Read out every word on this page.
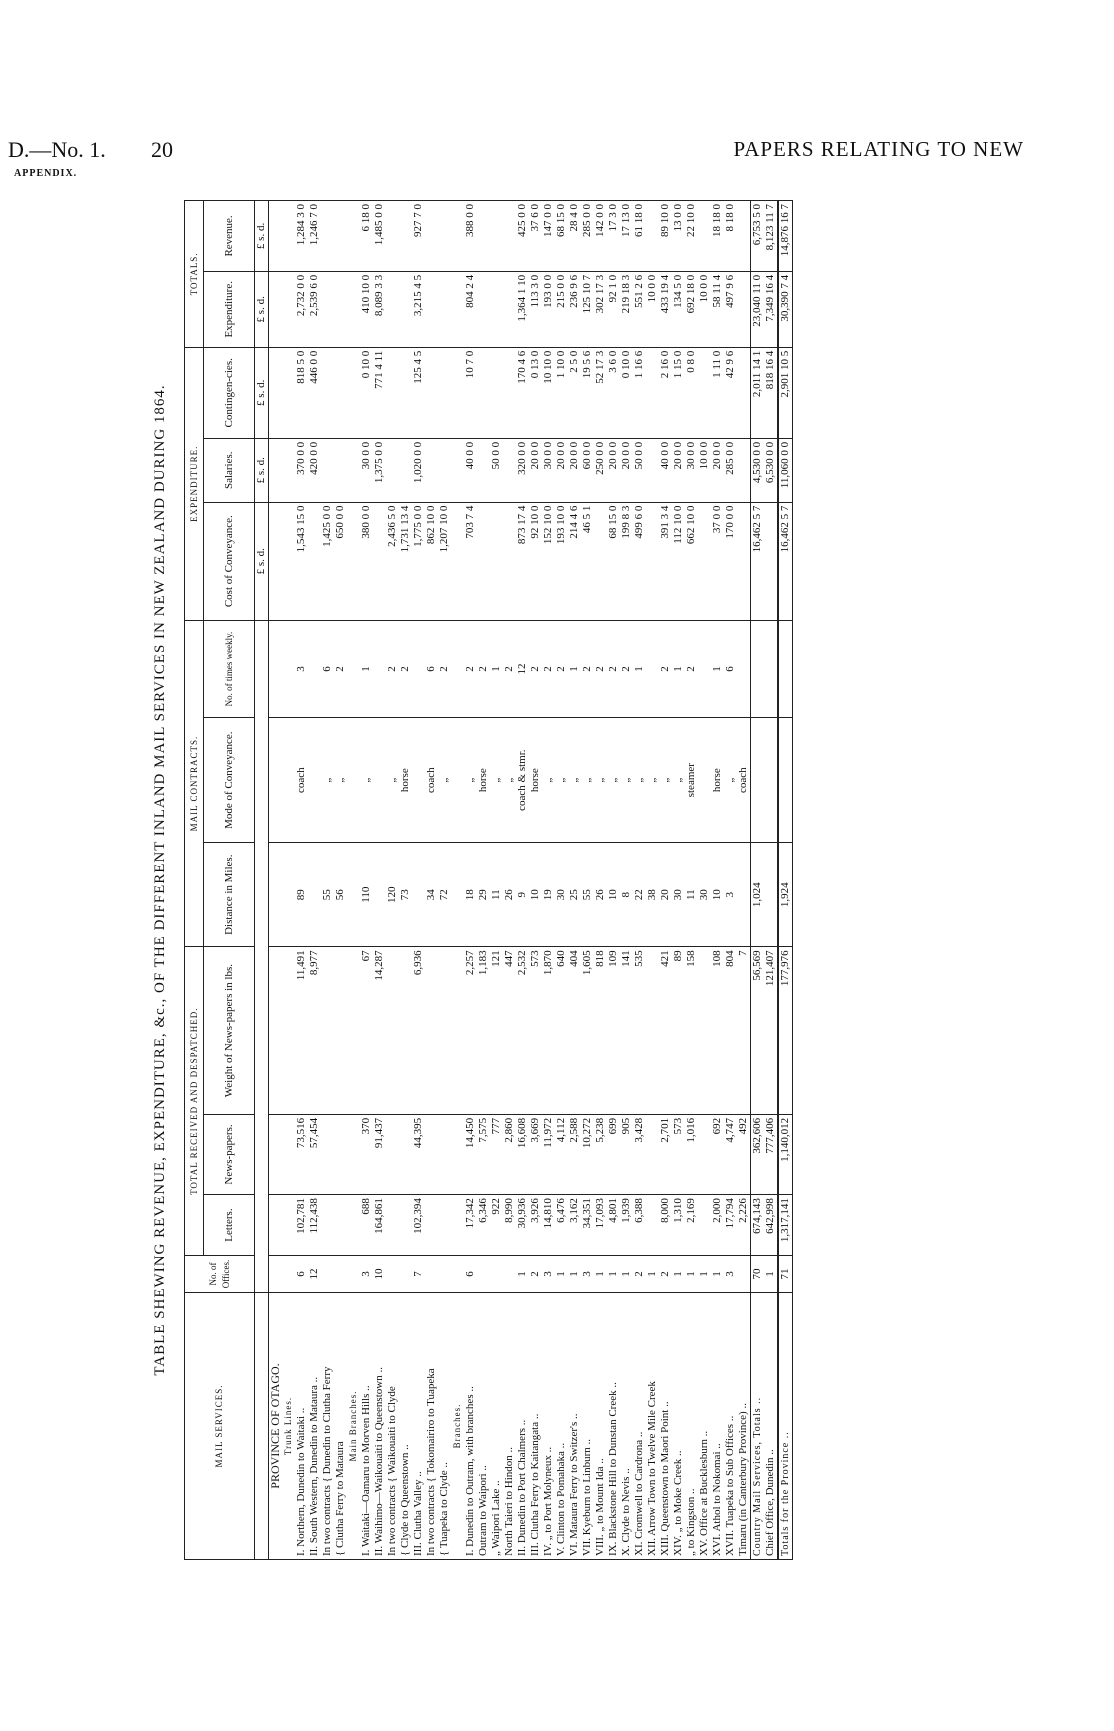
D.—No. 1. 20	PAPERS RELATING TO NEW
APPENDIX.
TABLE SHEWING REVENUE, EXPENDITURE, &c., OF THE DIFFERENT INLAND MAIL SERVICES IN NEW ZEALAND DURING 1864.
MAIL SERVICES.	No. of Offices.	TOTAL RECEIVED AND DESPATCHED.			MAIL CONTRACTS.			EXPENDITURE.			TOTALS.	
		Letters.	News-papers.	Weight of News-papers in lbs.	Distance in Miles.	Mode of Conveyance.	No. of times weekly.	Cost of Conveyance.	Salaries.	Contingen-cies.	Expenditure.	Revenue.
								£ s. d.	£ s. d.	£ s. d.	£ s. d.	£ s. d.
PROVINCE OF OTAGO.												
Trunk Lines.												
I. Northern, Dunedin to Waitaki ..	6	102,781	73,516	11,491	89	coach	3	1,543 15 0	370 0 0	818 5 0	2,732 0 0	1,284 3 0
II. South Western, Dunedin to Mataura ..	12	112,438	57,454	8,977					420 0 0	446 0 0	2,539 6 0	1,246 7 0
In two contracts { Dunedin to Clutha Ferry					55	„	6	1,425 0 0				
{ Clutha Ferry to Mataura					56	„	2	650 0 0				
Main Branches.												
I. Waitaki—Oamaru to Morven Hills ..	3	688	370	67	110	„	1	380 0 0	30 0 0	0 10 0	410 10 0	6 18 0
II. Waihimo—Waikouaiti to Queenstown ..	10	164,861	91,437	14,287					1,375 0 0	771 4 11	8,089 3 3	1,485 0 0
In two contracts { Waikouaiti to Clyde					120	„	2	2,436 5 0				
{ Clyde to Queenstown ..					73	horse	2	1,731 13 4				
III. Clutha Valley ..	7	102,394	44,395	6,936				1,775 0 0	1,020 0 0	125 4 5	3,215 4 5	927 7 0
In two contracts { Tokomairiro to Tuapeka					34	coach	6	862 10 0				
{ Tuapeka to Clyde ..					72	„	2	1,207 10 0				
Branches.												
I. Dunedin to Outram, with branches ..	6	17,342	14,450	2,257	18	„	2	703 7 4	40 0 0	10 7 0	804 2 4	388 0 0
Outram to Waipori ..		6,346	7,575	1,183	29	horse	2					
„ Waipori Lake ..		922	777	121	11	„	1		50 0 0			
North Taieri to Hindon ..		8,990	2,860	447	26	„	2					
II. Dunedin to Port Chalmers ..	1	30,936	16,608	2,532	9	coach & stmr.	12	873 17 4	320 0 0	170 4 6	1,364 1 10	425 0 0
III. Clutha Ferry to Kaitangata ..	2	3,926	3,669	573	10	horse	2	92 10 0	20 0 0	0 13 0	113 3 0	37 6 0
IV. „ to Port Molyneux ..	3	14,810	11,972	1,870	19	„	2	152 10 0	30 0 0	10 10 0	193 0 0	147 0 0
V. Clinton to Pomahaka ..	1	6,476	4,112	640	30	„	2	193 10 0	20 0 0	1 10 0	215 0 0	68 15 0
VI. Mataura Ferry to Switzer's ..	1	3,162	2,588	404	25	„	1	214 4 6	20 0 0	2 5 0	236 9 6	28 4 0
VII. Kyeburn to Linburn ..	3	34,351	10,272	1,605	55	„	2	46 5 1	60 0 0	19 5 6	125 10 7	285 0 0
VIII. „ to Mount Ida ..	1	17,093	5,238	818	26	„	2		250 0 0	52 17 3	302 17 3	142 0 0
IX. Blackstone Hill to Dunstan Creek ..	1	4,801	699	109	10	„	2	68 15 0	20 0 0	3 6 0	92 1 0	17 3 0
X. Clyde to Nevis ..	1	1,939	905	141	8	„	2	199 8 3	20 0 0	0 10 0	219 18 3	17 13 0
XI. Cromwell to Cardrona ..	2	6,388	3,428	535	22	„	1	499 6 0	50 0 0	1 16 6	551 2 6	61 18 0
XII. Arrow Town to Twelve Mile Creek	1				38	„					10 0 0	
XIII. Queenstown to Maori Point ..	2	8,000	2,701	421	20	„	2	391 3 4	40 0 0	2 16 0	433 19 4	89 10 0
XIV. „ to Moke Creek ..	1	1,310	573	89	30	„	1	112 10 0	20 0 0	1 15 0	134 5 0	13 0 0
„ to Kingston ..	1	2,169	1,016	158	11	steamer	2	662 10 0	30 0 0	0 8 0	692 18 0	22 10 0
XV. Office at Bucklesburn ..	1				30				10 0 0		10 0 0	
XVI. Athol to Nokomai ..	1	2,000	692	108	10	horse	1	37 0 0	20 0 0	1 11 0	58 11 4	18 18 0
XVII. Tuapeka to Sub Offices ..	3	17,794	4,747	804	3	„	6	170 0 0	285 0 0	42 9 6	497 9 6	8 18 0
Timaru (in Canterbury Province) ..		2,226	492	7		coach						
Country Mail Services, Totals ..	70	674,143	362,606	56,569	1,024			16,462 5 7	4,530 0 0	2,011 14 1	23,040 11 0	6,753 5 0
Chief Office, Dunedin ..	1	642,998	777,406	121,407					6,530 0 0	818 16 4	7,349 16 4	8,123 11 7
Totals for the Province ..	71	1,317,141	1,140,012	177,976	1,924			16,462 5 7	11,060 0 0	2,901 10 5	30,390 7 4	14,876 16 7
